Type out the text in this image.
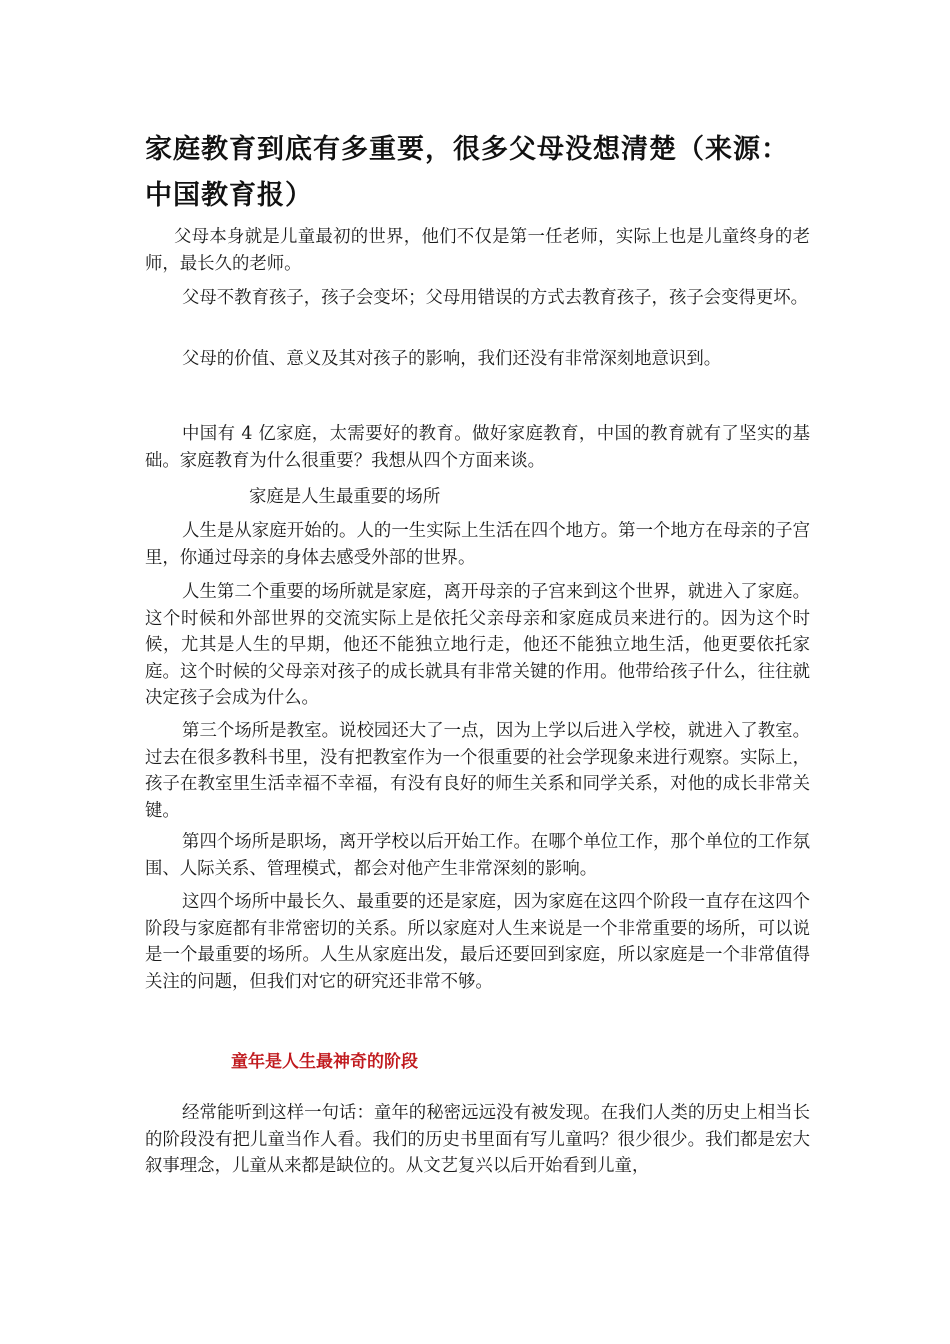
家庭教育到底有多重要，很多父母没想清楚（来源：中国教育报）

父母本身就是儿童最初的世界，他们不仅是第一任老师，实际上也是儿童终身的老师，最长久的老师。

父母不教育孩子，孩子会变坏；父母用错误的方式去教育孩子，孩子会变得更坏。

父母的价值、意义及其对孩子的影响，我们还没有非常深刻地意识到。

中国有 4 亿家庭，太需要好的教育。做好家庭教育，中国的教育就有了坚实的基础。家庭教育为什么很重要？我想从四个方面来谈。

家庭是人生最重要的场所

人生是从家庭开始的。人的一生实际上生活在四个地方。第一个地方在母亲的子宫里，你通过母亲的身体去感受外部的世界。

人生第二个重要的场所就是家庭，离开母亲的子宫来到这个世界，就进入了家庭。这个时候和外部世界的交流实际上是依托父亲母亲和家庭成员来进行的。因为这个时候，尤其是人生的早期，他还不能独立地行走，他还不能独立地生活，他更要依托家庭。这个时候的父母亲对孩子的成长就具有非常关键的作用。他带给孩子什么，往往就决定孩子会成为什么。

第三个场所是教室。说校园还大了一点，因为上学以后进入学校，就进入了教室。过去在很多教科书里，没有把教室作为一个很重要的社会学现象来进行观察。实际上，孩子在教室里生活幸福不幸福，有没有良好的师生关系和同学关系，对他的成长非常关键。

第四个场所是职场，离开学校以后开始工作。在哪个单位工作，那个单位的工作氛围、人际关系、管理模式，都会对他产生非常深刻的影响。

这四个场所中最长久、最重要的还是家庭，因为家庭在这四个阶段一直存在这四个阶段与家庭都有非常密切的关系。所以家庭对人生来说是一个非常重要的场所，可以说是一个最重要的场所。人生从家庭出发，最后还要回到家庭，所以家庭是一个非常值得关注的问题，但我们对它的研究还非常不够。

童年是人生最神奇的阶段

经常能听到这样一句话：童年的秘密远远没有被发现。在我们人类的历史上相当长的阶段没有把儿童当作人看。我们的历史书里面有写儿童吗？很少很少。我们都是宏大叙事理念，儿童从来都是缺位的。从文艺复兴以后开始看到儿童，
